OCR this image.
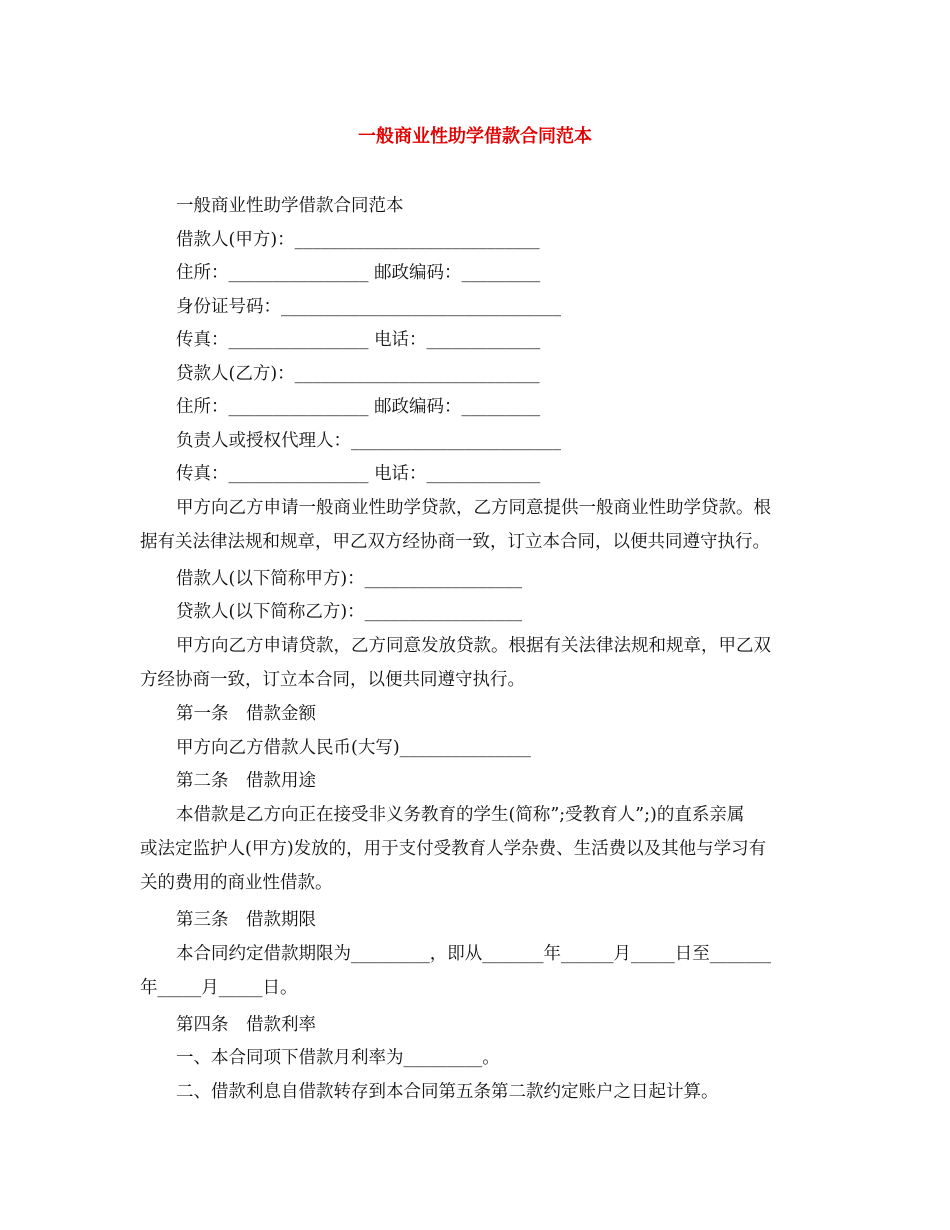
一般商业性助学借款合同范本
一般商业性助学借款合同范本
借款人(甲方)：____________________________
住所：________________ 邮政编码：_________
身份证号码：________________________________
传真：________________ 电话：_____________
贷款人(乙方)：____________________________
住所：________________ 邮政编码：_________
负责人或授权代理人：________________________
传真：________________ 电话：_____________
甲方向乙方申请一般商业性助学贷款，乙方同意提供一般商业性助学贷款。根
据有关法律法规和规章，甲乙双方经协商一致，订立本合同，以便共同遵守执行。
借款人(以下简称甲方)：__________________
贷款人(以下简称乙方)：__________________
甲方向乙方申请贷款，乙方同意发放贷款。根据有关法律法规和规章，甲乙双
方经协商一致，订立本合同，以便共同遵守执行。
第一条　借款金额
甲方向乙方借款人民币(大写)_______________
第二条　借款用途
本借款是乙方向正在接受非义务教育的学生(简称”;受教育人”;)的直系亲属
或法定监护人(甲方)发放的，用于支付受教育人学杂费、生活费以及其他与学习有
关的费用的商业性借款。
第三条　借款期限
本合同约定借款期限为_________，即从_______年______月_____日至_______
年_____月_____日。
第四条　借款利率
一、本合同项下借款月利率为_________。
二、借款利息自借款转存到本合同第五条第二款约定账户之日起计算。
